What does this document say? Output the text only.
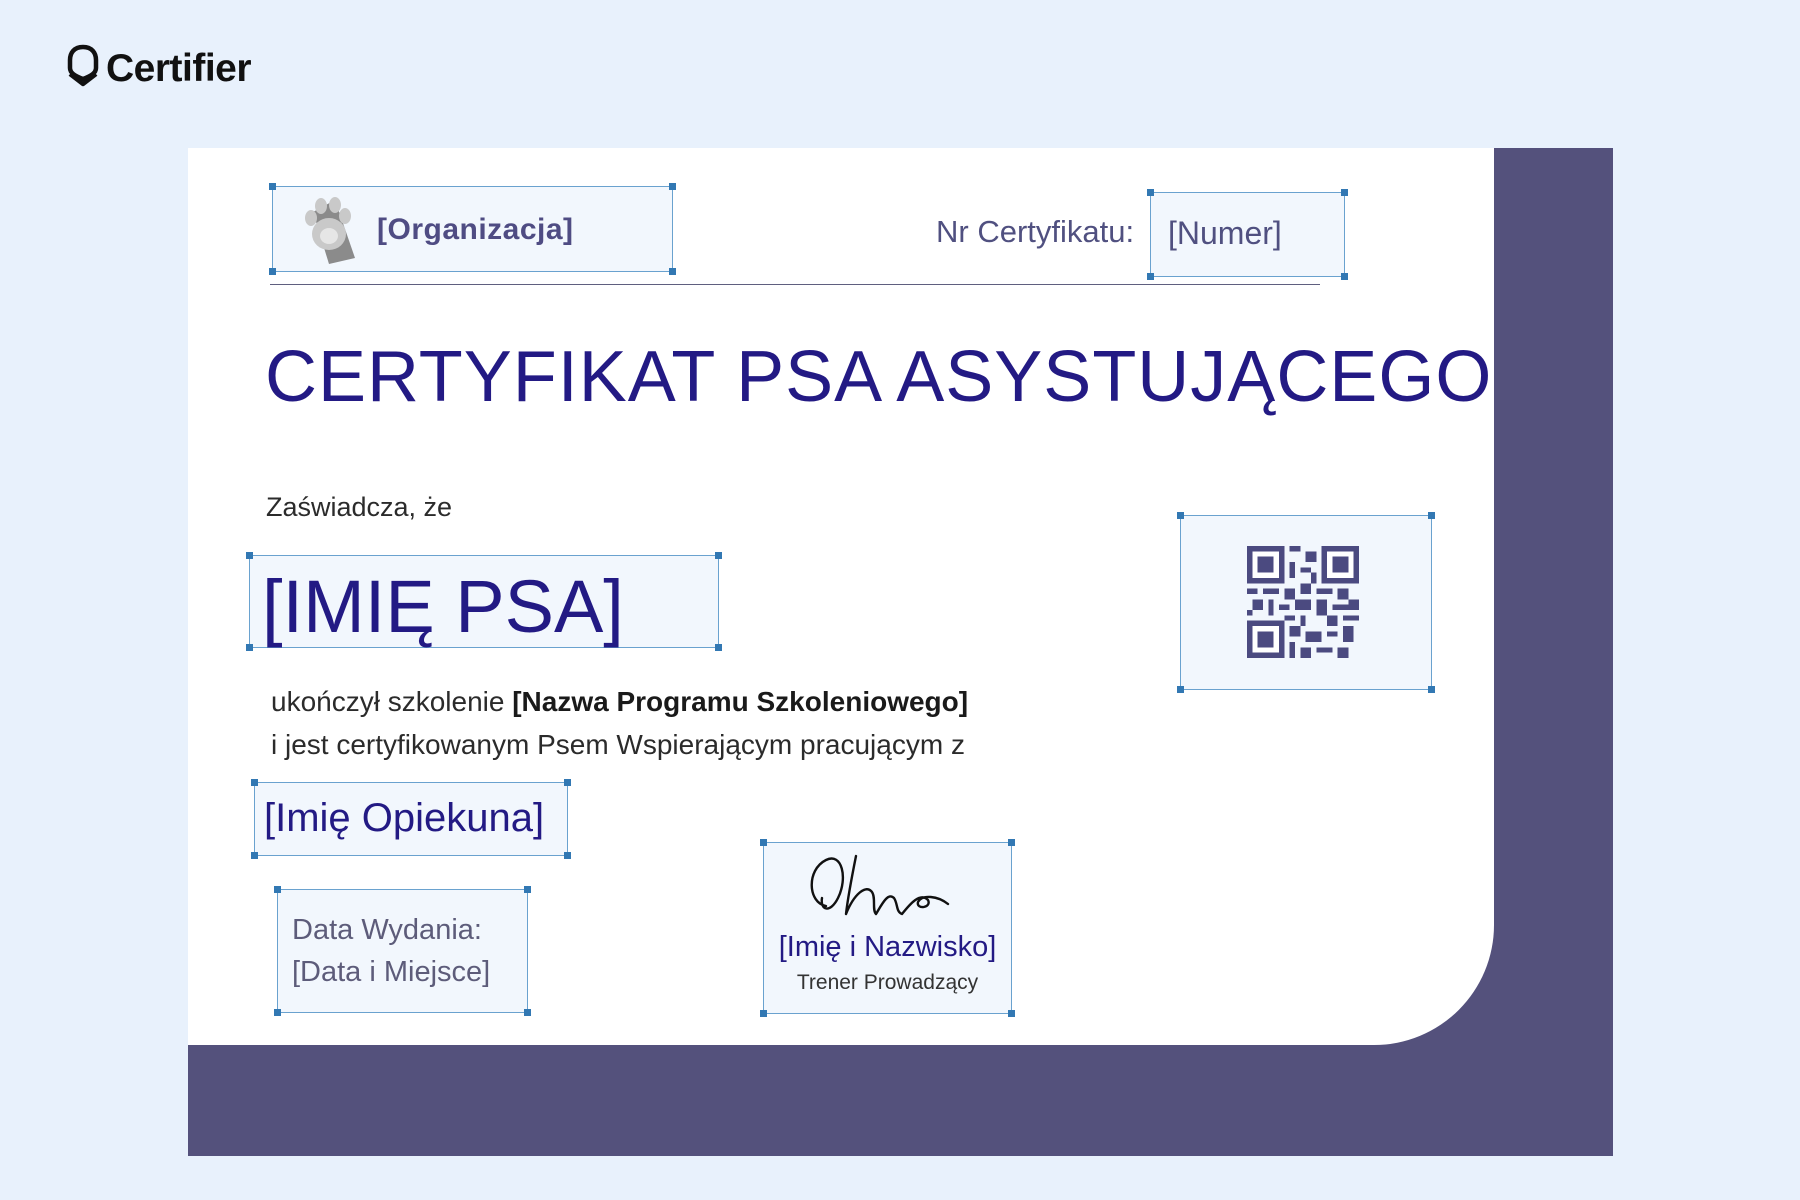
Certifier
[Organizacja]	Nr Certyfikatu: [Numer]
CERTYFIKAT PSA ASYSTUJĄCEGO
Zaświadcza, że
[IMIĘ PSA]
ukończył szkolenie [Nazwa Programu Szkoleniowego]
i jest certyfikowanym Psem Wspierającym pracującym z
[Imię Opiekuna]
Data Wydania:
[Data i Miejsce]
[Imię i Nazwisko]
Trener Prowadzący
